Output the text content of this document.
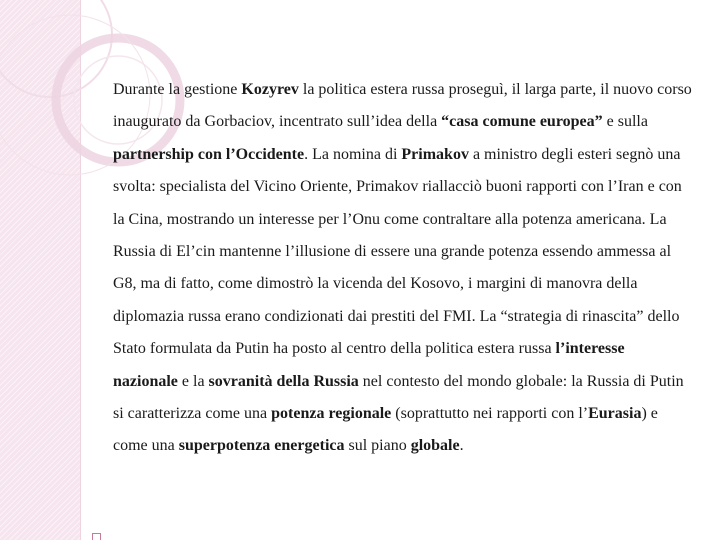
Durante la gestione Kozyrev la politica estera russa proseguì, il larga parte, il nuovo corso inaugurato da Gorbaciov, incentrato sull’idea della “casa comune europea” e sulla partnership con l’Occidente. La nomina di Primakov a ministro degli esteri segnò una svolta: specialista del Vicino Oriente, Primakov riallacciò buoni rapporti con l’Iran e con la Cina, mostrando un interesse per l’Onu come contraltare alla potenza americana. La Russia di El’cin mantenne l’illusione di essere una grande potenza essendo ammessa al G8, ma di fatto, come dimostrò la vicenda del Kosovo, i margini di manovra della diplomazia russa erano condizionati dai prestiti del FMI. La “strategia di rinascita” dello Stato formulata da Putin ha posto al centro della politica estera russa l’interesse nazionale e la sovranità della Russia nel contesto del mondo globale: la Russia di Putin si caratterizza come una potenza regionale (soprattutto nei rapporti con l’Eurasia) e come una superpotenza energetica sul piano globale.
